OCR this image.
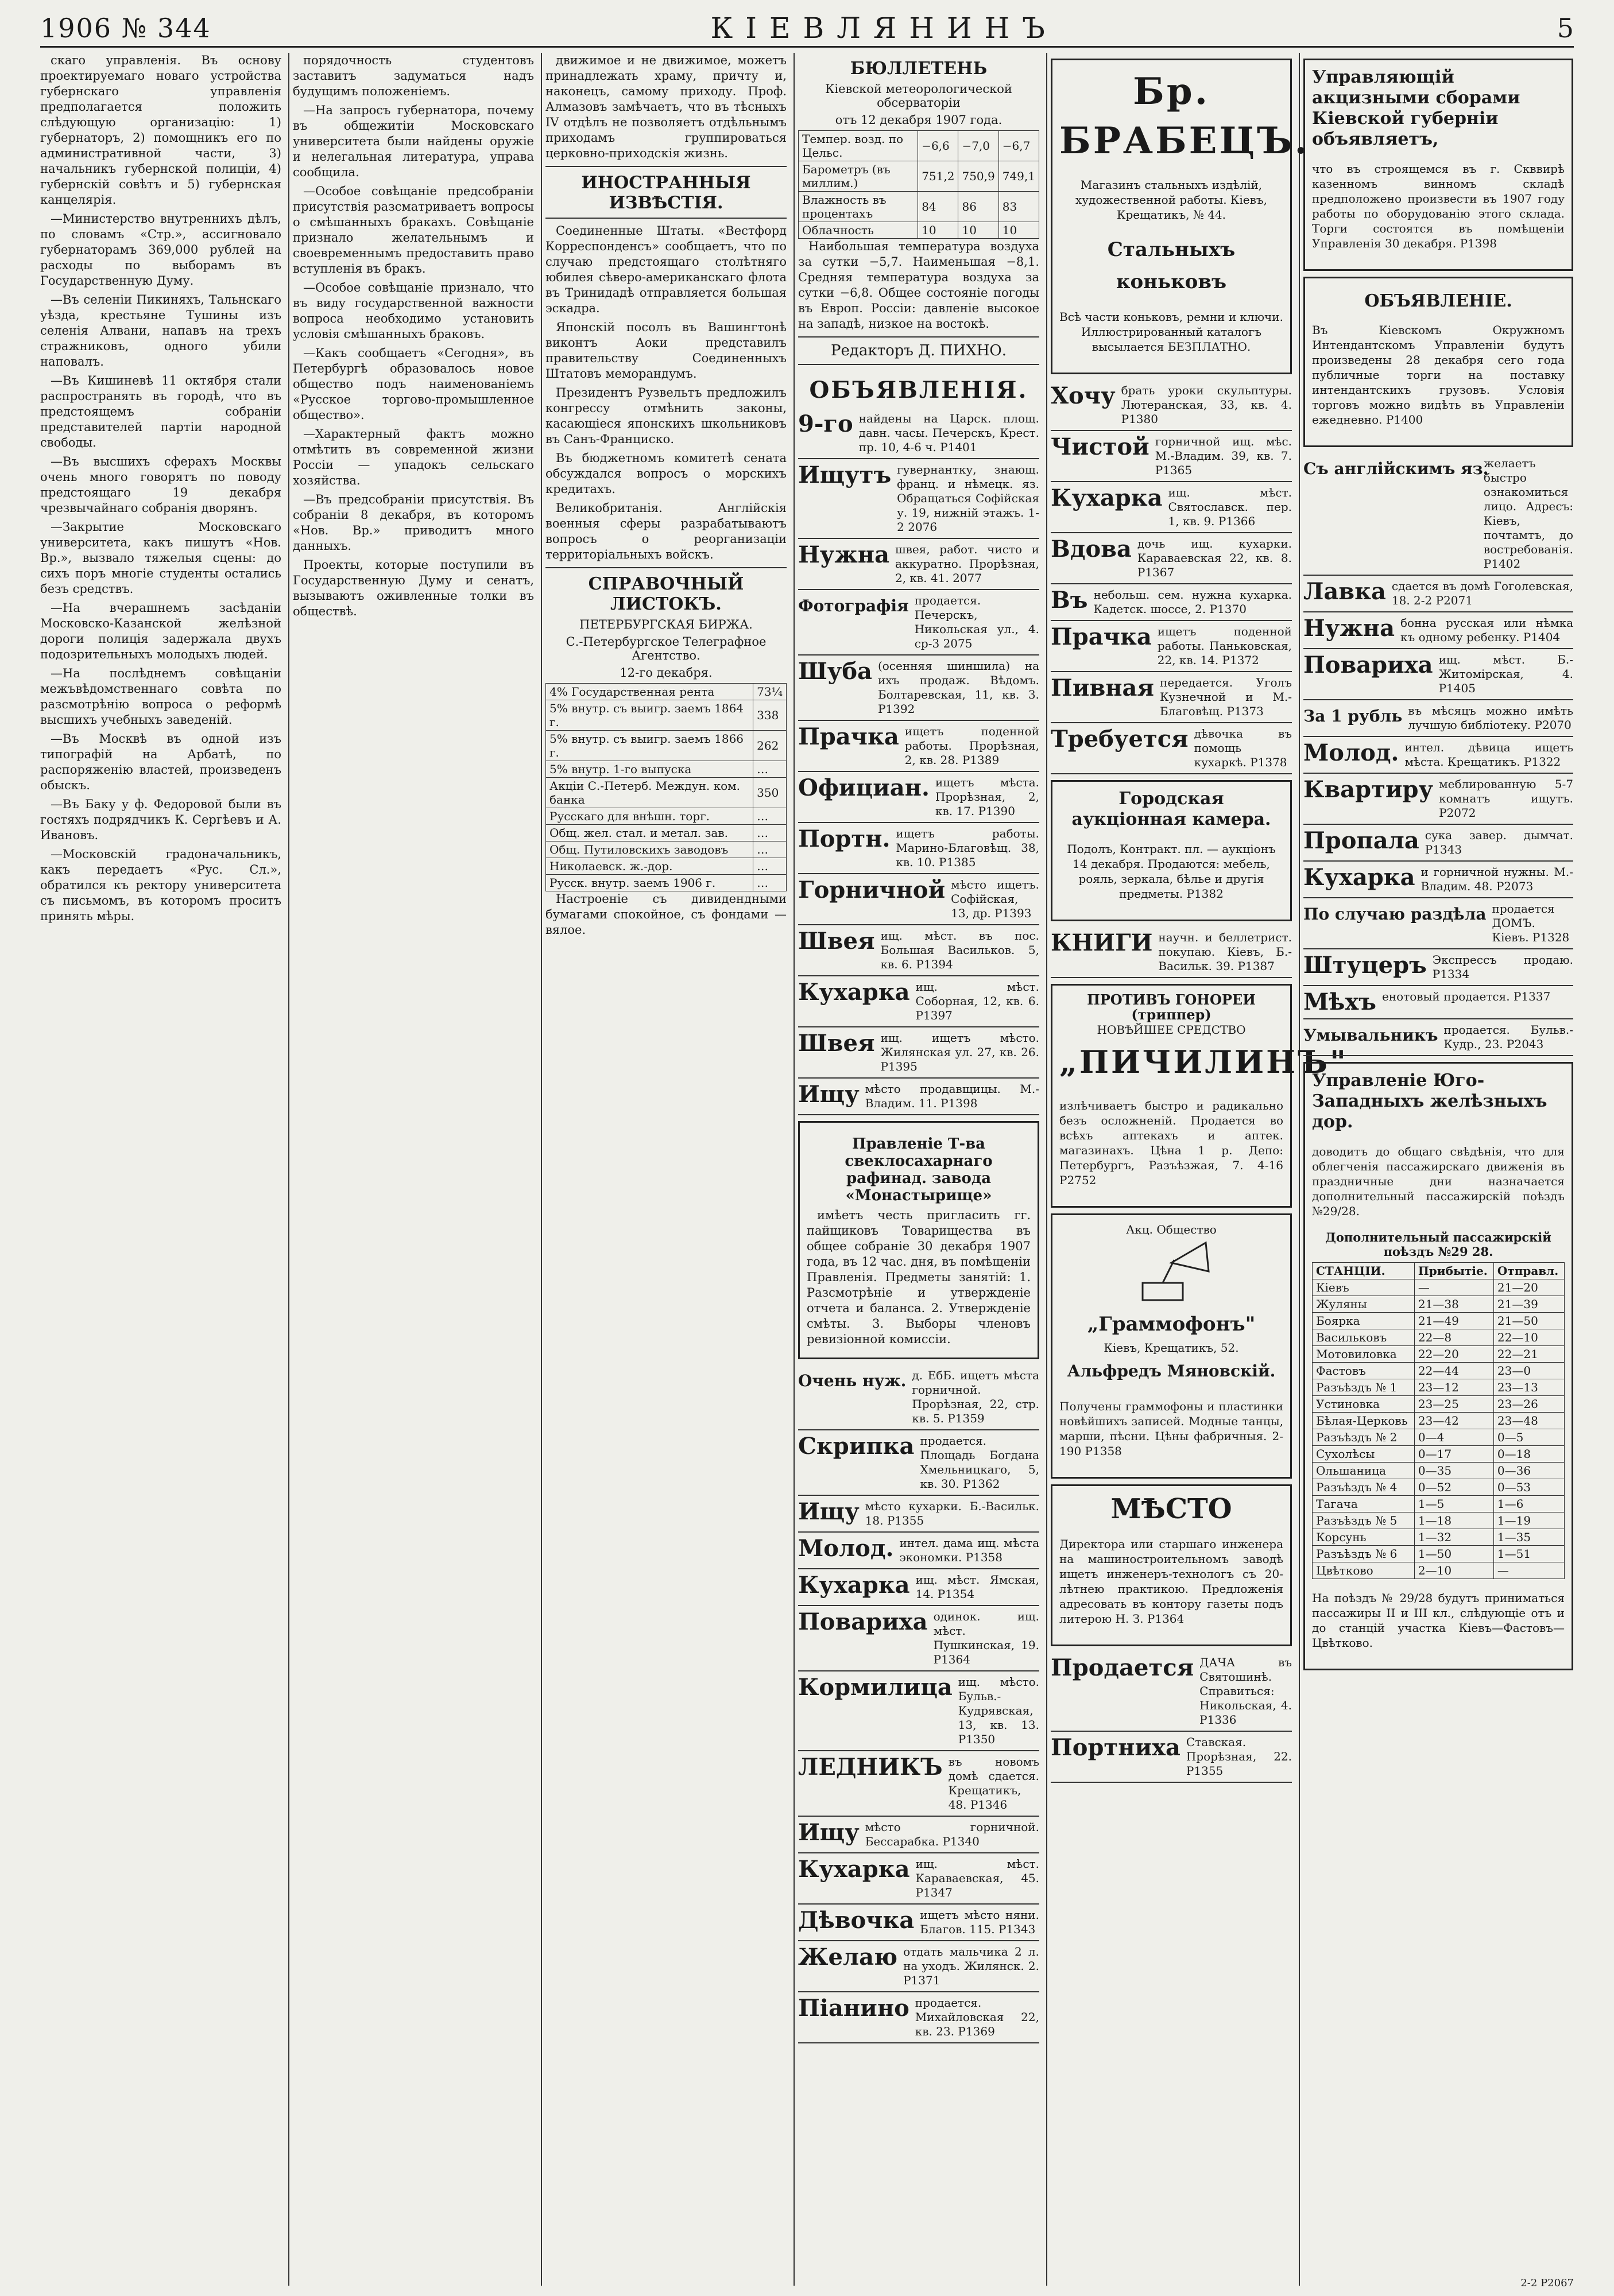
1906 № 344	КІЕВЛЯНИНЪ	5

скаго управленія. Въ основу проектируемаго новаго устройства губернскаго управленія предполагается положить слѣдующую организацію: 1) губернаторъ, 2) помощникъ его по административной части, 3) начальникъ губернской полиціи, 4) губернскій совѣтъ и 5) губернская канцелярія.

—Министерство внутреннихъ дѣлъ, по словамъ «Стр.», ассигновало губернаторамъ 369,000 рублей на расходы по выборамъ въ Государственную Думу.

—Въ селеніи Пикиняхъ, Тальнскаго уѣзда, крестьяне Тушины изъ селенія Алвани, напавъ на трехъ стражниковъ, одного убили наповалъ.

—Въ Кишиневѣ 11 октября стали распространять въ городѣ, что въ предстоящемъ собраніи представителей партіи народной свободы.

—Въ высшихъ сферахъ Москвы очень много говорятъ по поводу предстоящаго 19 декабря чрезвычайнаго собранія дворянъ.

—Закрытие Московскаго университета, какъ пишутъ «Нов. Вр.», вызвало тяжелыя сцены: до сихъ поръ многіе студенты остались безъ средствъ.

—На вчерашнемъ засѣданіи Московско-Казанской желѣзной дороги полиція задержала двухъ подозрительныхъ молодыхъ людей.

—На послѣднемъ совѣщаніи межъвѣдомственнаго совѣта по разсмотрѣнію вопроса о реформѣ высшихъ учебныхъ заведеній.

—Въ Москвѣ въ одной изъ типографій на Арбатѣ, по распоряженію властей, произведенъ обыскъ.

—Въ Баку у ф. Федоровой были въ гостяхъ подрядчикъ К. Сергѣевъ и А. Ивановъ.

—Московскій градоначальникъ, какъ передаетъ «Рус. Сл.», обратился къ ректору университета съ письмомъ, въ которомъ проситъ принять мѣры.

порядочность студентовъ заставитъ задуматься надъ будущимъ положеніемъ.

—На запросъ губернатора, почему въ общежитіи Московскаго университета были найдены оружіе и нелегальная литература, управа сообщила.

—Особое совѣщаніе предсобраніи присутствія разсматриваетъ вопросы о смѣшанныхъ бракахъ. Совѣщаніе признало желательнымъ и своевременнымъ предоставить право вступленія въ бракъ.

—Особое совѣщаніе признало, что въ виду государственной важности вопроса необходимо установить условія смѣшанныхъ браковъ.

—Какъ сообщаетъ «Сегодня», въ Петербургѣ образовалось новое общество подъ наименованіемъ «Русское торгово-промышленное общество».

—Характерный фактъ можно отмѣтить въ современной жизни Россіи — упадокъ сельскаго хозяйства.

—Въ предсобраніи присутствія. Въ собраніи 8 декабря, въ которомъ «Нов. Вр.» приводитъ много данныхъ.

Проекты, которые поступили въ Государственную Думу и сенатъ, вызываютъ оживленные толки въ обществѣ.

движимое и не движимое, можетъ принадлежать храму, причту и, наконецъ, самому приходу. Проф. Алмазовъ замѣчаетъ, что въ тѣсныхъ ІV отдѣлъ не позволяетъ отдѣльнымъ приходамъ группироваться церковно-приходскія жизнь.

ИНОСТРАННЫЯ ИЗВѢСТІЯ.

Соединенные Штаты. «Вестфорд Корреспонденсъ» сообщаетъ, что по случаю предстоящаго столѣтняго юбилея сѣверо-американскаго флота въ Тринидадѣ отправляется большая эскадра.

Японскій посолъ въ Вашингтонѣ виконтъ Аоки представилъ правительству Соединенныхъ Штатовъ меморандумъ.

Президентъ Рузвельтъ предложилъ конгрессу отмѣнить законы, касающіеся японскихъ школьниковъ въ Санъ-Франциско.

Въ бюджетномъ комитетѣ сената обсуждался вопросъ о морскихъ кредитахъ.

Великобританія. Англійскія военныя сферы разрабатываютъ вопросъ о реорганизаціи территоріальныхъ войскъ.

СПРАВОЧНЫЙ ЛИСТОКЪ.
ПЕТЕРБУРГСКАЯ БИРЖА.
С.-Петербургское Телеграфное Агентство.
12-го декабря.
4% Государственная рента	73¼
5% внутр. съ выигр. заемъ 1864 г.	338
5% внутр. съ выигр. заемъ 1866 г.	262
5% внутр. 1-го выпуска	…
Акціи С.-Петерб. Междун. ком. банка	350
Русскаго для внѣшн. торг.	…
Общ. жел. стал. и метал. зав.	…
Общ. Путиловскихъ заводовъ	…
Николаевск. ж.-дор.	…
Русск. внутр. заемъ 1906 г.	…

Настроеніе съ дивидендными бумагами спокойное, съ фондами — вялое.

БЮЛЛЕТЕНЬ
Кіевской метеорологической обсерваторіи
отъ 12 декабря 1907 года.
Темпер. возд. по Цельс.	−6,6	−7,0	−6,7
Барометръ (въ миллим.)	751,2	750,9	749,1
Влажность въ процентахъ	84	86	83
Облачность	10	10	10

Наибольшая температура воздуха за сутки −5,7. Наименьшая −8,1. Средняя температура воздуха за сутки −6,8. Общее состояніе погоды въ Европ. Россіи: давленіе высокое на западѣ, низкое на востокѣ.

Редакторъ Д. ПИХНО.
ОБЪЯВЛЕНІЯ.
9-го найдены на Царск. площ. давн. часы. Печерскъ, Крест. пр. 10, 4-6 ч. Р1401
Ищутъ гувернантку, знающ. франц. и нѣмецк. яз. Обращаться Софійская у. 19, нижній этажъ. 1-2 2076
Нужна швея, работ. чисто и аккуратно. Прорѣзная, 2, кв. 41. 2077
Фотографія продается. Печерскъ, Никольская ул., 4. ср-3 2075
Шуба (осенняя шиншила) на ихъ продаж. Вѣдомъ. Болтаревская, 11, кв. 3. Р1392
Прачка ищетъ поденной работы. Прорѣзная, 2, кв. 28. Р1389
Официан. ищетъ мѣста. Прорѣзная, 2, кв. 17. Р1390
Портн. ищетъ работы. Марино-Благовѣщ. 38, кв. 10. Р1385
Горничной мѣсто ищетъ. Софійская, 13, др. Р1393
Швея ищ. мѣст. въ пос. Большая Васильков. 5, кв. 6. Р1394
Кухарка ищ. мѣст. Соборная, 12, кв. 6. Р1397
Швея ищ. ищетъ мѣсто. Жилянская ул. 27, кв. 26. Р1395
Ищу мѣсто продавщицы. М.-Владим. 11. Р1398
Правленіе Т-ва свеклосахарнаго рафинад. завода «Монастырище»

имѣетъ честь пригласить гг. пайщиковъ Товарищества въ общее собраніе 30 декабря 1907 года, въ 12 час. дня, въ помѣщеніи Правленія. Предметы занятій: 1. Разсмотрѣніе и утвержденіе отчета и баланса. 2. Утвержденіе смѣты. 3. Выборы членовъ ревизіонной комиссіи.

Очень нуж. д. ЕбБ. ищетъ мѣста горничной. Прорѣзная, 22, стр. кв. 5. Р1359
Скрипка продается. Площадь Богдана Хмельницкаго, 5, кв. 30. Р1362
Ищу мѣсто кухарки. Б.-Васильк. 18. Р1355
Молод. интел. дама ищ. мѣста экономки. Р1358
Кухарка ищ. мѣст. Ямская, 14. Р1354
Поварихa одинок. ищ. мѣст. Пушкинская, 19. Р1364
Кормилица ищ. мѣсто. Бульв.-Кудрявская, 13, кв. 13. Р1350
ЛЕДНИКЪ въ новомъ домѣ сдается. Крещатикъ, 48. Р1346
Ищу мѣсто горничной. Бессарабка. Р1340
Кухарка ищ. мѣст. Караваевская, 45. Р1347
Дѣвочка ищетъ мѣсто няни. Благов. 115. Р1343
Желаю отдать мальчика 2 л. на уходъ. Жилянск. 2. Р1371
Піанино продается. Михайловская 22, кв. 23. Р1369
Бр. БРАБЕЦЪ.

Магазинъ стальныхъ издѣлій, художественной работы. Кіевъ, Крещатикъ, № 44.

Стальныхъ коньковъ

Всѣ части коньковъ, ремни и ключи. Иллюстрированный каталогъ высылается БЕЗПЛАТНО.

Хочу брать уроки скульптуры. Лютеранская, 33, кв. 4. Р1380
Чистой горничной ищ. мѣс. М.-Владим. 39, кв. 7. Р1365
Кухарка ищ. мѣст. Святославск. пер. 1, кв. 9. Р1366
Вдова дочь ищ. кухарки. Караваевская 22, кв. 8. Р1367
Въ небольш. сем. нужна кухарка. Кадетск. шоссе, 2. Р1370
Прачка ищетъ поденной работы. Паньковская, 22, кв. 14. Р1372
Пивная передается. Уголъ Кузнечной и М.-Благовѣщ. Р1373
Требуется дѣвочка въ помощь кухаркѣ. Р1378
Городская аукціонная камера.

Подолъ, Контракт. пл. — аукціонъ 14 декабря. Продаются: мебель, рояль, зеркала, бѣлье и другія предметы. Р1382

КНИГИ научн. и беллетрист. покупаю. Кіевъ, Б.-Васильк. 39. Р1387
ПРОТИВЪ ГОНОРЕИ (триппер)
НОВѢЙШЕЕ СРЕДСТВО
„ПИЧИЛИНЪ"

излѣчиваетъ быстро и радикально безъ осложненій. Продается во всѣхъ аптекахъ и аптек. магазинахъ. Цѣна 1 р. Депо: Петербургъ, Разъѣзжая, 7. 4-16 Р2752

Акц. Общество
„Граммофонъ"
Кіевъ, Крещатикъ, 52.
Альфредъ Мяновскій.

Получены граммофоны и пластинки новѣйшихъ записей. Модные танцы, марши, пѣсни. Цѣны фабричныя. 2-190 Р1358

МѢСТО

Директора или старшаго инженера на машиностроительномъ заводѣ ищетъ инженеръ-технологъ съ 20-лѣтнею практикою. Предложенія адресовать въ контору газеты подъ литерою Н. З. Р1364

Продается ДАЧА въ Святошинѣ. Справиться: Никольская, 4. Р1336
Портниха Ставская. Прорѣзная, 22. Р1355
Управляющій акцизными сборами Кіевской губерніи объявляетъ,

что въ строящемся въ г. Скввирѣ казенномъ винномъ складѣ предположено произвести въ 1907 году работы по оборудованію этого склада. Торги состоятся въ помѣщеніи Управленія 30 декабря. Р1398

ОБЪЯВЛЕНІЕ.

Въ Кіевскомъ Окружномъ Интендантскомъ Управленіи будутъ произведены 28 декабря сего года публичные торги на поставку интендантскихъ грузовъ. Условія торговъ можно видѣть въ Управленіи ежедневно. Р1400

Съ англійскимъ яз.
желаетъ быстро ознакомиться лицо. Адресъ: Кіевъ, почтамтъ, до востребованія. Р1402
Лавка сдается въ домѣ Гоголевская, 18. 2-2 Р2071
Нужна бонна русская или нѣмка къ одному ребенку. Р1404
Повариха ищ. мѣст. Б.-Житомірская, 4. Р1405
За 1 рубль въ мѣсяцъ можно имѣть лучшую библіотеку. Р2070
Молод. интел. дѣвица ищетъ мѣста. Крещатикъ. Р1322
Квартиру меблированную 5-7 комнатъ ищутъ. Р2072
Пропала сука завер. дымчат. Р1343
Кухарка и горничной нужны. М.-Владим. 48. Р2073
По случаю раздѣла продается ДОМЪ. Кіевъ. Р1328
Штуцеръ Экспрессъ продаю. Р1334
Мѣхъ енотовый продается. Р1337
Умывальникъ продается. Бульв.-Кудр., 23. Р2043
Управленіе Юго-Западныхъ желѣзныхъ дор.

доводитъ до общаго свѣдѣнія, что для облегченія пассажирскаго движенія въ праздничные дни назначается дополнительный пассажирскій поѣздъ №29/28.

Дополнительный пассажирскій поѣздъ №29 28.
СТАНЦІИ.	Прибытіе.	Отправл.
Кіевъ	—	21—20
Жуляны	21—38	21—39
Боярка	21—49	21—50
Васильковъ	22—8	22—10
Мотовиловка	22—20	22—21
Фастовъ	22—44	23—0
Разъѣздъ № 1	23—12	23—13
Устиновка	23—25	23—26
Бѣлая-Церковь	23—42	23—48
Разъѣздъ № 2	0—4	0—5
Сухолѣсы	0—17	0—18
Ольшаница	0—35	0—36
Разъѣздъ № 4	0—52	0—53
Тагача	1—5	1—6
Разъѣздъ № 5	1—18	1—19
Корсунь	1—32	1—35
Разъѣздъ № 6	1—50	1—51
Цвѣтково	2—10	—

На поѣздъ № 29/28 будутъ приниматься пассажиры II и III кл., слѣдующіе отъ и до станцій участка Кіевъ—Фастовъ—Цвѣтково.

2-2 Р2067
